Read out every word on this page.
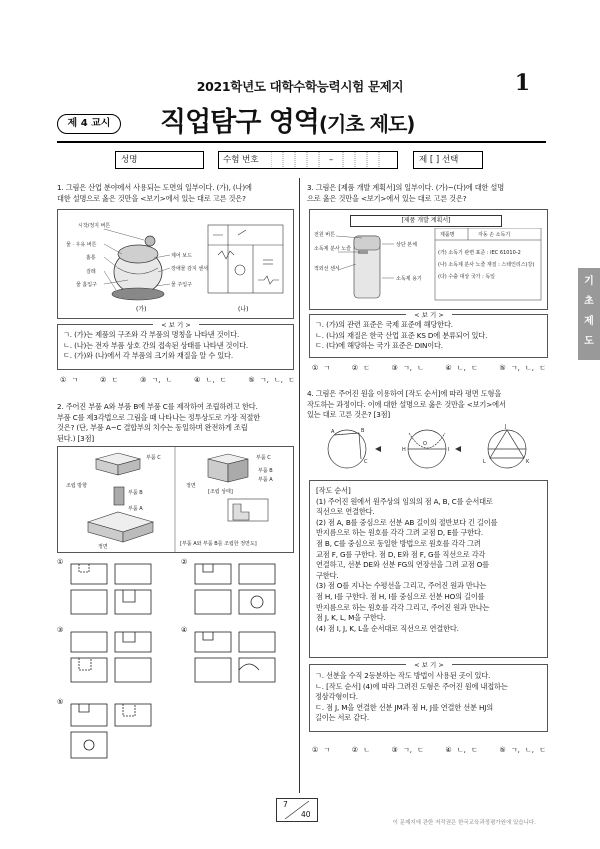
2021학년도 대학수학능력시험 문제지	1
제 4 교시	직업탐구 영역(기초 제도)
성명	수험 번호	–	제 [ ] 선택
기
초
제
도
1. 그림은 산업 분야에서 사용되는 도면의 일부이다. (가), (나)에
대한 설명으로 옳은 것만을 <보기>에서 있는 대로 고른 것은?
시작/정지 버튼
물 · 우유 버튼
홈통
걸레
물 흡입구
제어 보드
장애물 감지 센서
물 주입구
(가)	(나)
< 보 기 >
ㄱ. (가)는 제품의 구조와 각 부품의 명칭을 나타낸 것이다.
ㄴ. (나)는 전자 부품 상호 간의 접속된 상태를 나타낸 것이다.
ㄷ. (가)와 (나)에서 각 부품의 크기와 재질을 알 수 있다.
① ㄱ	② ㄷ	③ ㄱ, ㄴ	④ ㄴ, ㄷ	⑤ ㄱ, ㄴ, ㄷ
2. 주어진 부품 A와 부품 B에 부품 C를 제작하여 조립하려고 한다.
부품 C를 제3각법으로 그림을 때 나타나는 정투상도로 가장 적절한
것은? (단, 부품 A~C 결합부의 치수는 동일하며 완전하게 조립
된다.) [3점]
부품 C
부품 B
부품 A
조립 방향
정면
부품 C
부품 B
부품 A
정면
[조립 상태]
[부품 A와 부품 B를 조립한 정면도]
①	②
③	④
⑤
3. 그림은 [제품 개발 계획서]의 일부이다. (가)~(다)에 대한 설명
으로 옳은 것만을 <보기>에서 있는 대로 고른 것은?
[제품 개발 계획서]
전원 버튼
소독제 분사 노즐
적외선 센서
소독제 용기
상단 본체
제품명	자동 손 소독기
(가) 소독기 관련 표준 : IEC 61010-2
(나) 소독제 분사 노즐 재질 : 스테인리스(강)
(다) 수출 대상 국가 : 독일
< 보 기 >
ㄱ. (가)의 관련 표준은 국제 표준에 해당한다.
ㄴ. (나)의 재질은 한국 산업 표준 KS D에 분류되어 있다.
ㄷ. (다)에 해당하는 국가 표준은 DIN이다.
① ㄱ	② ㄷ	③ ㄱ, ㄴ	④ ㄴ, ㄷ	⑤ ㄱ, ㄴ, ㄷ
4. 그림은 주어진 원을 이용하여 [작도 순서]에 따라 평면 도형을
작도하는 과정이다. 이에 대한 설명으로 옳은 것만을 <보기>에서
있는 대로 고른 것은? [3점]
A	B
C
O
H	I
J
L	K
[작도 순서]
(1) 주어진 원에서 원주상의 임의의 점 A, B, C를 순서대로
직선으로 연결한다.
(2) 점 A, B를 중심으로 선분 AB 길이의 절반보다 긴 길이를
반지름으로 하는 원호를 각각 그려 교점 D, E를 구한다.
점 B, C를 중심으로 동일한 방법으로 원호를 각각 그려
교점 F, G를 구한다. 점 D, E와 점 F, G를 직선으로 각각
연결하고, 선분 DE와 선분 FG의 연장선을 그려 교점 O를
구한다.
(3) 점 O를 지나는 수평선을 그리고, 주어진 원과 만나는
점 H, I를 구한다. 점 H, I를 중심으로 선분 HO의 길이를
반지름으로 하는 원호를 각각 그리고, 주어진 원과 만나는
점 J, K, L, M을 구한다.
(4) 점 I, J, K, L을 순서대로 직선으로 연결한다.
< 보 기 >
ㄱ. 선분을 수직 2등분하는 작도 방법이 사용된 곳이 있다.
ㄴ. [작도 순서] (4)에 따라 그려진 도형은 주어진 원에 내접하는
정삼각형이다.
ㄷ. 점 J, M을 연결한 선분 JM과 점 H, J를 연결한 선분 HJ의
길이는 서로 같다.
① ㄱ	② ㄴ	③ ㄱ, ㄷ	④ ㄴ, ㄷ	⑤ ㄱ, ㄴ, ㄷ
7
40
이 문제지에 관한 저작권은 한국교육과정평가원에 있습니다.
